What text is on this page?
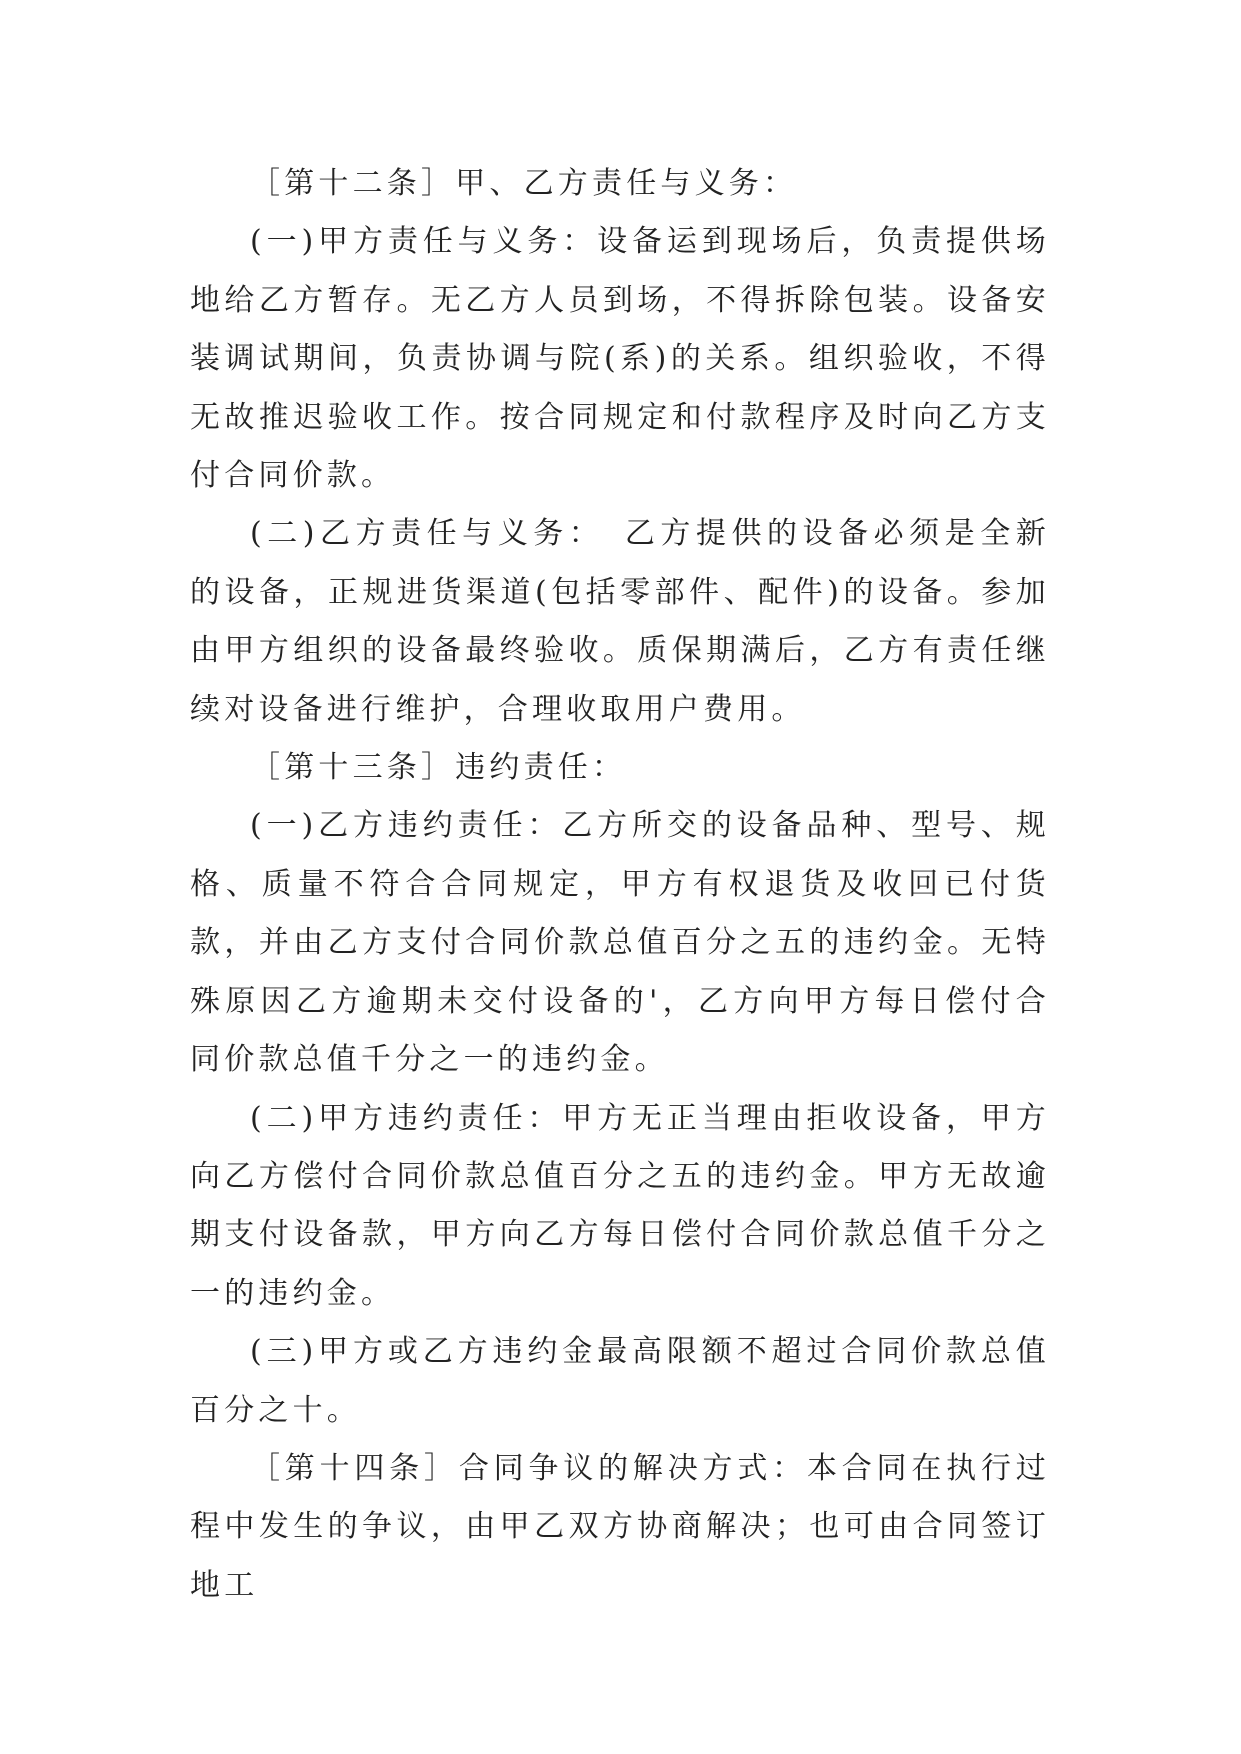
［第十二条］甲、乙方责任与义务：

(一)甲方责任与义务：设备运到现场后，负责提供场地给乙方暂存。无乙方人员到场，不得拆除包装。设备安装调试期间，负责协调与院(系)的关系。组织验收，不得无故推迟验收工作。按合同规定和付款程序及时向乙方支付合同价款。

(二)乙方责任与义务：　乙方提供的设备必须是全新的设备，正规进货渠道(包括零部件、配件)的设备。参加由甲方组织的设备最终验收。质保期满后，乙方有责任继续对设备进行维护，合理收取用户费用。

［第十三条］违约责任：

(一)乙方违约责任：乙方所交的设备品种、型号、规格、质量不符合合同规定，甲方有权退货及收回已付货款，并由乙方支付合同价款总值百分之五的违约金。无特殊原因乙方逾期未交付设备的'，乙方向甲方每日偿付合同价款总值千分之一的违约金。

(二)甲方违约责任：甲方无正当理由拒收设备，甲方向乙方偿付合同价款总值百分之五的违约金。甲方无故逾期支付设备款，甲方向乙方每日偿付合同价款总值千分之一的违约金。

(三)甲方或乙方违约金最高限额不超过合同价款总值百分之十。

［第十四条］合同争议的解决方式：本合同在执行过程中发生的争议，由甲乙双方协商解决；也可由合同签订地工
